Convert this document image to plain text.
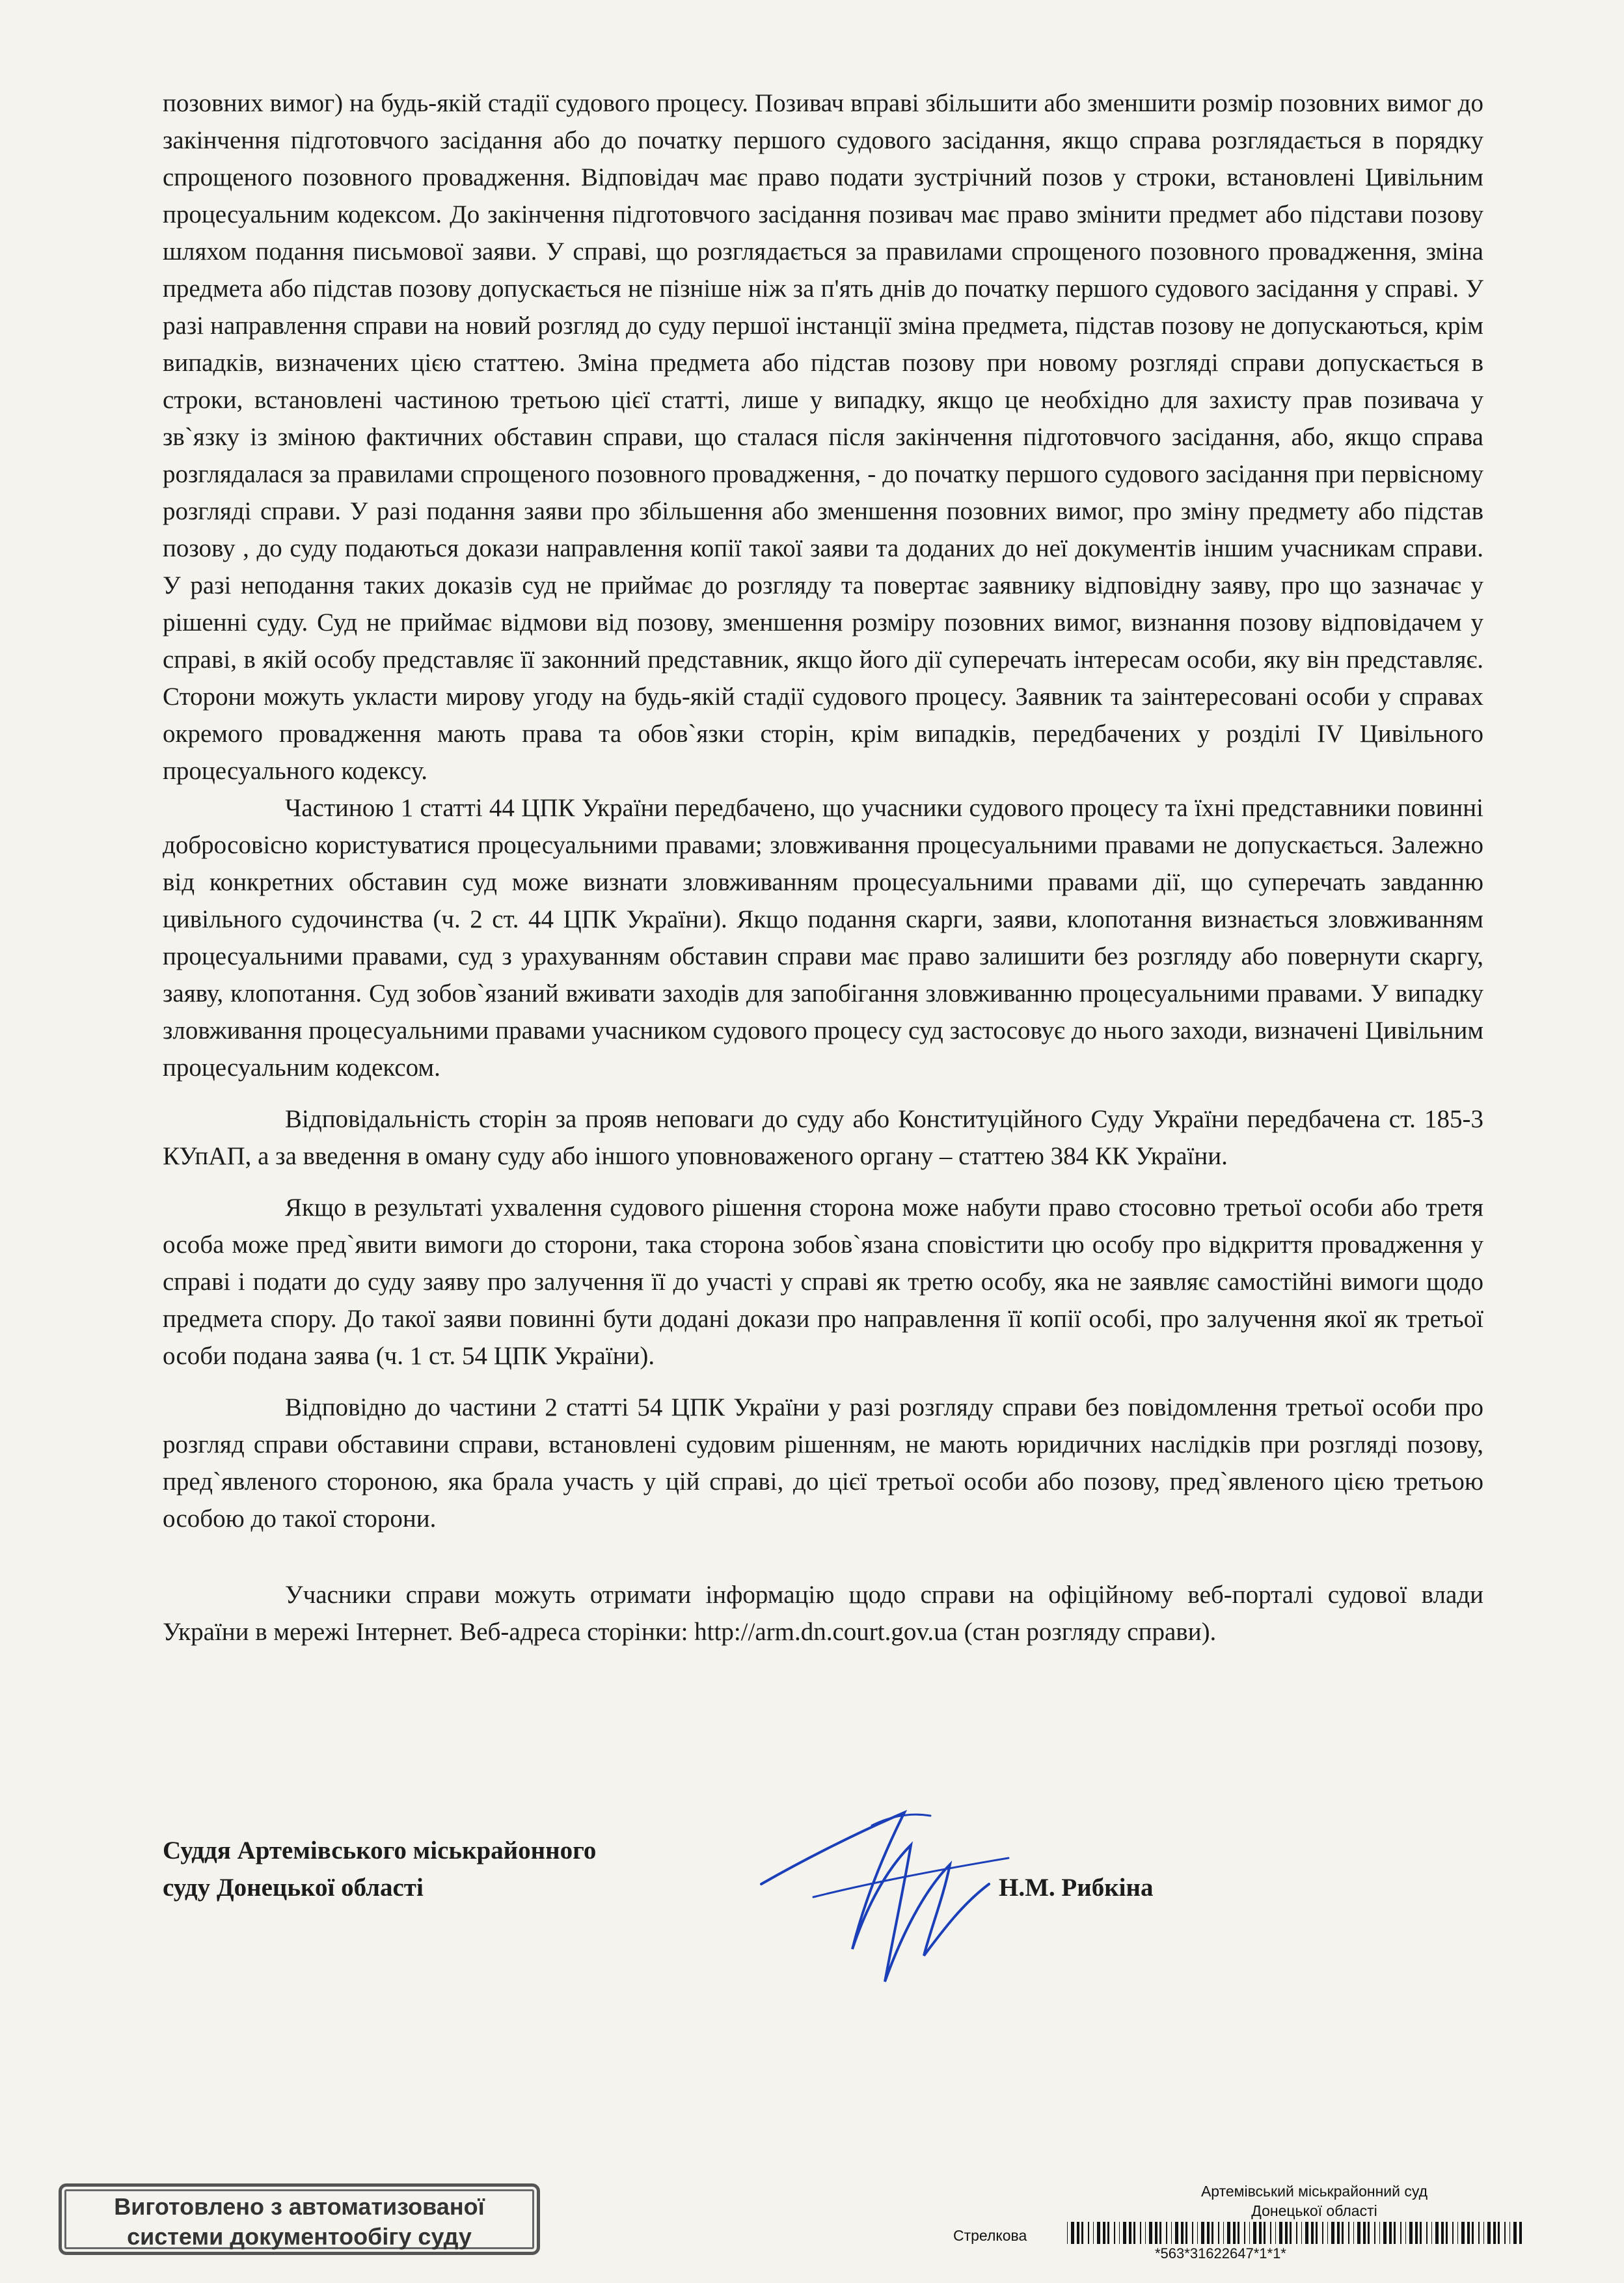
позовних вимог) на будь-якій стадії судового процесу. Позивач вправі збільшити або зменшити розмір позовних вимог до закінчення підготовчого засідання або до початку першого судового засідання, якщо справа розглядається в порядку спрощеного позовного провадження. Відповідач має право подати зустрічний позов у строки, встановлені Цивільним процесуальним кодексом. До закінчення підготовчого засідання позивач має право змінити предмет або підстави позову шляхом подання письмової заяви. У справі, що розглядається за правилами спрощеного позовного провадження, зміна предмета або підстав позову допускається не пізніше ніж за п'ять днів до початку першого судового засідання у справі. У разі направлення справи на новий розгляд до суду першої інстанції зміна предмета, підстав позову не допускаються, крім випадків, визначених цією статтею. Зміна предмета або підстав позову при новому розгляді справи допускається в строки, встановлені частиною третьою цієї статті, лише у випадку, якщо це необхідно для захисту прав позивача у зв`язку із зміною фактичних обставин справи, що сталася після закінчення підготовчого засідання, або, якщо справа розглядалася за правилами спрощеного позовного провадження, - до початку першого судового засідання при первісному розгляді справи. У разі подання заяви про збільшення або зменшення позовних вимог, про зміну предмету або підстав позову , до суду подаються докази направлення копії такої заяви та доданих до неї документів іншим учасникам справи. У разі неподання таких доказів суд не приймає до розгляду та повертає заявнику відповідну заяву, про що зазначає у рішенні суду. Суд не приймає відмови від позову, зменшення розміру позовних вимог, визнання позову відповідачем у справі, в якій особу представляє її законний представник, якщо його дії суперечать інтересам особи, яку він представляє. Сторони можуть укласти мирову угоду на будь-якій стадії судового процесу. Заявник та заінтересовані особи у справах окремого провадження мають права та обов`язки сторін, крім випадків, передбачених у розділі IV Цивільного процесуального кодексу.

Частиною 1 статті 44 ЦПК України передбачено, що учасники судового процесу та їхні представники повинні добросовісно користуватися процесуальними правами; зловживання процесуальними правами не допускається. Залежно від конкретних обставин суд може визнати зловживанням процесуальними правами дії, що суперечать завданню цивільного судочинства (ч. 2 ст. 44 ЦПК України). Якщо подання скарги, заяви, клопотання визнається зловживанням процесуальними правами, суд з урахуванням обставин справи має право залишити без розгляду або повернути скаргу, заяву, клопотання. Суд зобов`язаний вживати заходів для запобігання зловживанню процесуальними правами. У випадку зловживання процесуальними правами учасником судового процесу суд застосовує до нього заходи, визначені Цивільним процесуальним кодексом.

Відповідальність сторін за прояв неповаги до суду або Конституційного Суду України передбачена ст. 185-3 КУпАП, а за введення в оману суду або іншого уповноваженого органу – статтею 384 КК України.

Якщо в результаті ухвалення судового рішення сторона може набути право стосовно третьої особи або третя особа може пред`явити вимоги до сторони, така сторона зобов`язана сповістити цю особу про відкриття провадження у справі і подати до суду заяву про залучення її до участі у справі як третю особу, яка не заявляє самостійні вимоги щодо предмета спору. До такої заяви повинні бути додані докази про направлення її копії особі, про залучення якої як третьої особи подана заява (ч. 1 ст. 54 ЦПК України).

Відповідно до частини 2 статті 54 ЦПК України у разі розгляду справи без повідомлення третьої особи про розгляд справи обставини справи, встановлені судовим рішенням, не мають юридичних наслідків при розгляді позову, пред`явленого стороною, яка брала участь у цій справі, до цієї третьої особи або позову, пред`явленого цією третьою особою до такої сторони.

Учасники справи можуть отримати інформацію щодо справи на офіційному веб-порталі судової влади України в мережі Інтернет. Веб-адреса сторінки: http://arm.dn.court.gov.ua (стан розгляду справи).

Суддя Артемівського міськрайонного
суду Донецької області	Н.М. Рибкіна
Виготовлено з автоматизованої
системи документообігу суду
Артемівський міськрайонний суд
Донецької області
Стрелкова
*563*31622647*1*1*
